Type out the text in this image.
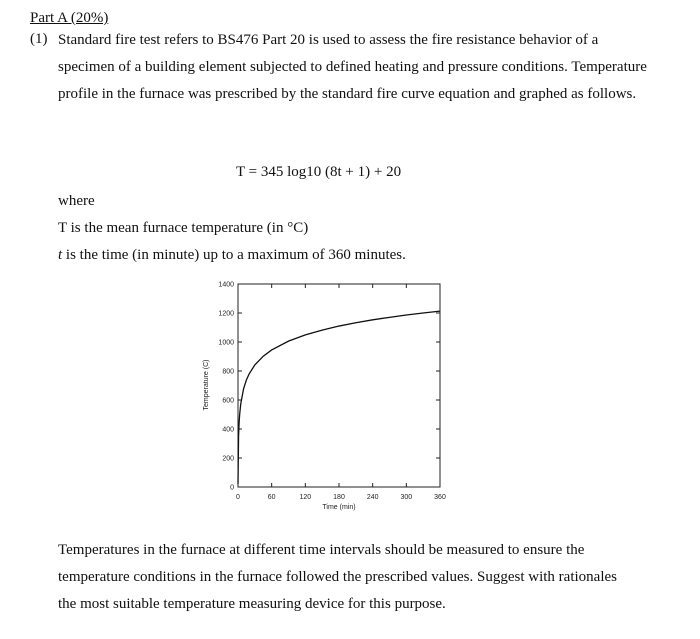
Part A (20%)
(1) Standard fire test refers to BS476 Part 20 is used to assess the fire resistance behavior of a specimen of a building element subjected to defined heating and pressure conditions. Temperature profile in the furnace was prescribed by the standard fire curve equation and graphed as follows.

T = 345 log10 (8t + 1) + 20
where
T is the mean furnace temperature (in °C)
t is the time (in minute) up to a maximum of 360 minutes.
0
200
400
600
800
1000
1200
1400
0	60	120	180	240	300	360
Time (min)
Temperature (C)

Temperatures in the furnace at different time intervals should be measured to ensure the temperature conditions in the furnace followed the prescribed values. Suggest with rationales the most suitable temperature measuring device for this purpose.
